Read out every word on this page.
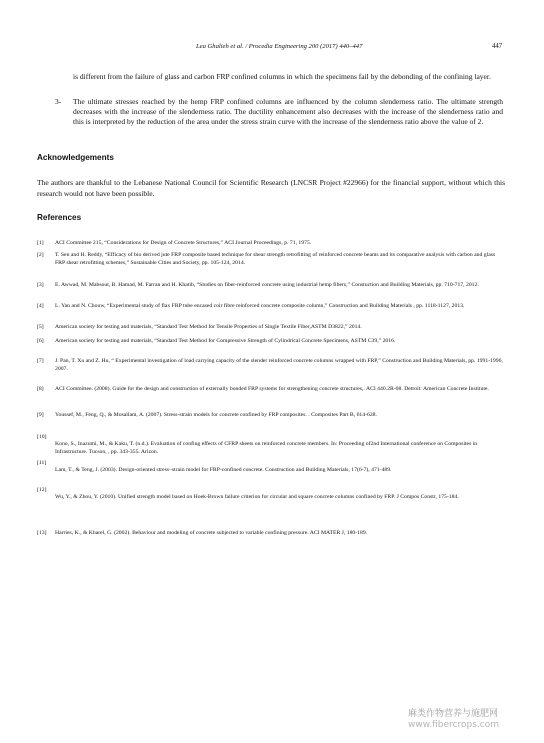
Lea Ghalieh et al. / Procedia Engineering 200 (2017) 440–447	447
is different from the failure of glass and carbon FRP confined columns in which the specimens fail by the debonding of the confining layer.
3- The ultimate stresses reached by the hemp FRP confined columns are influenced by the column slenderness ratio. The ultimate strength decreases with the increase of the slenderness ratio. The ductility enhancement also decreases with the increase of the slenderness ratio and this is interpreted by the reduction of the area under the stress strain curve with the increase of the slenderness ratio above the value of 2.
Acknowledgements
The authors are thankful to the Lebanese National Council for Scientific Research (LNCSR Project #22966) for the financial support, without which this research would not have been possible.
References
[1] ACI Committee 215, “Considerations for Design of Concrete Structures,” ACI Journal Proceedings, p. 71, 1975.
[2] T. Sen and H. Reddy, “Efficacy of bio derived jute FRP composite based technique for shear strength retrofitting of reinforced concrete beams and its comparative analysis with carbon and glass FRP shear retrofitting schemes,” Sustainable Cities and Society, pp. 105-124, 2014.
[3] E. Awwad, M. Mabsout, B. Hamad, M. Farran and H. Khatib, “Studies on fiber-reinforced concrete using industrial hemp fibers,” Constuction and Building Materials, pp. 710-717, 2012.
[4] L. Yan and N. Chouw, “Experimental study of flax FRP tube encased coir fibre reinforced concrete composite column,” Construction and Building Materials , pp. 1118-1127, 2013.
[5] American society for testing and materials, “Standard Test Method for Tensile Properties of Single Textile Fiber,ASTM D3822,” 2014.
[6] American society for testing and materials, “Standard Test Method for Compressive Strength of Cylindrical Concrete Specimens, ASTM C39,” 2016.
[7] J. Pan, T. Xu and Z. Hu, “ Experimental investigation of load carrying capacity of the slender reinforced concrete columns wrapped with FRP,” Construction and Building Materials, pp. 1991-1996, 2007.
[8] ACI Committee. (2008). Guide for the design and construction of externally bonded FRP systems for strengthening concrete structures,. ACI 440.2R-08. Detroit: American Concrete Institute.
[9] Youssef, M., Feng, Q., & Mosallam, A. (2007). Stress-strain models for concrete confined by FRP composites. . Composites Part B, 614-628.
[10]
Kono, S., Inazumi, M., & Kaku, T. (n.d.). Evaluation of confing effects of CFRP sheets on reinforced concrete members. In: Proceeding of2nd International conference on Composites in Infrastructure. Tucson, , pp. 343-355. Arizon.
[11]
Lam, T., & Teng, J. (2003). Design-oriented stress–strain model for FRP-confined concrete. Construction and Building Materials, 17(6-7), 471-489.
[12]
Wu, Y., & Zhou, Y. (2010). Unified strength model based on Hoek-Brown failure criterion for circular and square concrete columns confined by FRP. J Compos Constr, 175-184.
[13] Harries, K., & Kharel, G. (2002). Behaviour and modeling of concrete subjected to variable confining pressure. ACI MATER J, 180-189.
麻类作物营养与施肥网
www.fibercrops.com
